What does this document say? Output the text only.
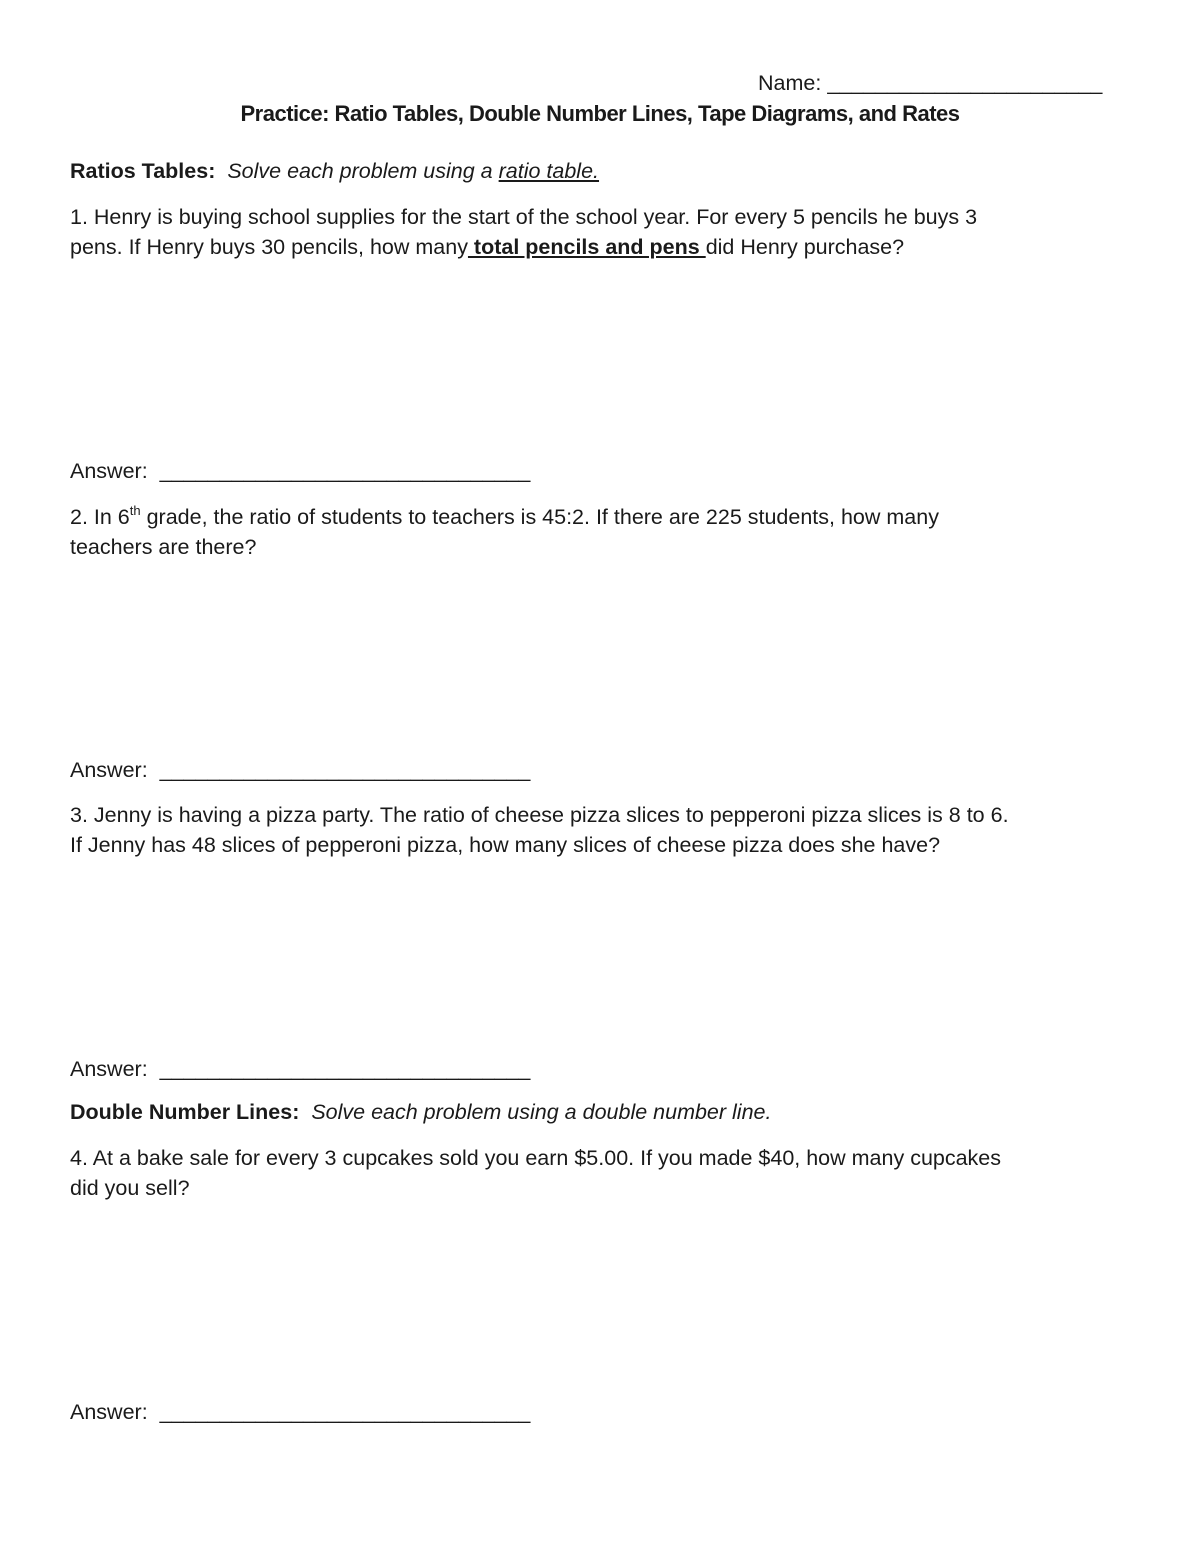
Name: _______________________
Practice: Ratio Tables, Double Number Lines, Tape Diagrams, and Rates
Ratios Tables: Solve each problem using a ratio table.
1. Henry is buying school supplies for the start of the school year. For every 5 pencils he buys 3
pens. If Henry buys 30 pencils, how many total pencils and pens did Henry purchase?
Answer: _______________________________
2. In 6th grade, the ratio of students to teachers is 45:2. If there are 225 students, how many
teachers are there?
Answer: _______________________________
3. Jenny is having a pizza party. The ratio of cheese pizza slices to pepperoni pizza slices is 8 to 6.
If Jenny has 48 slices of pepperoni pizza, how many slices of cheese pizza does she have?
Answer: _______________________________
Double Number Lines: Solve each problem using a double number line.
4. At a bake sale for every 3 cupcakes sold you earn $5.00. If you made $40, how many cupcakes
did you sell?
Answer: _______________________________
